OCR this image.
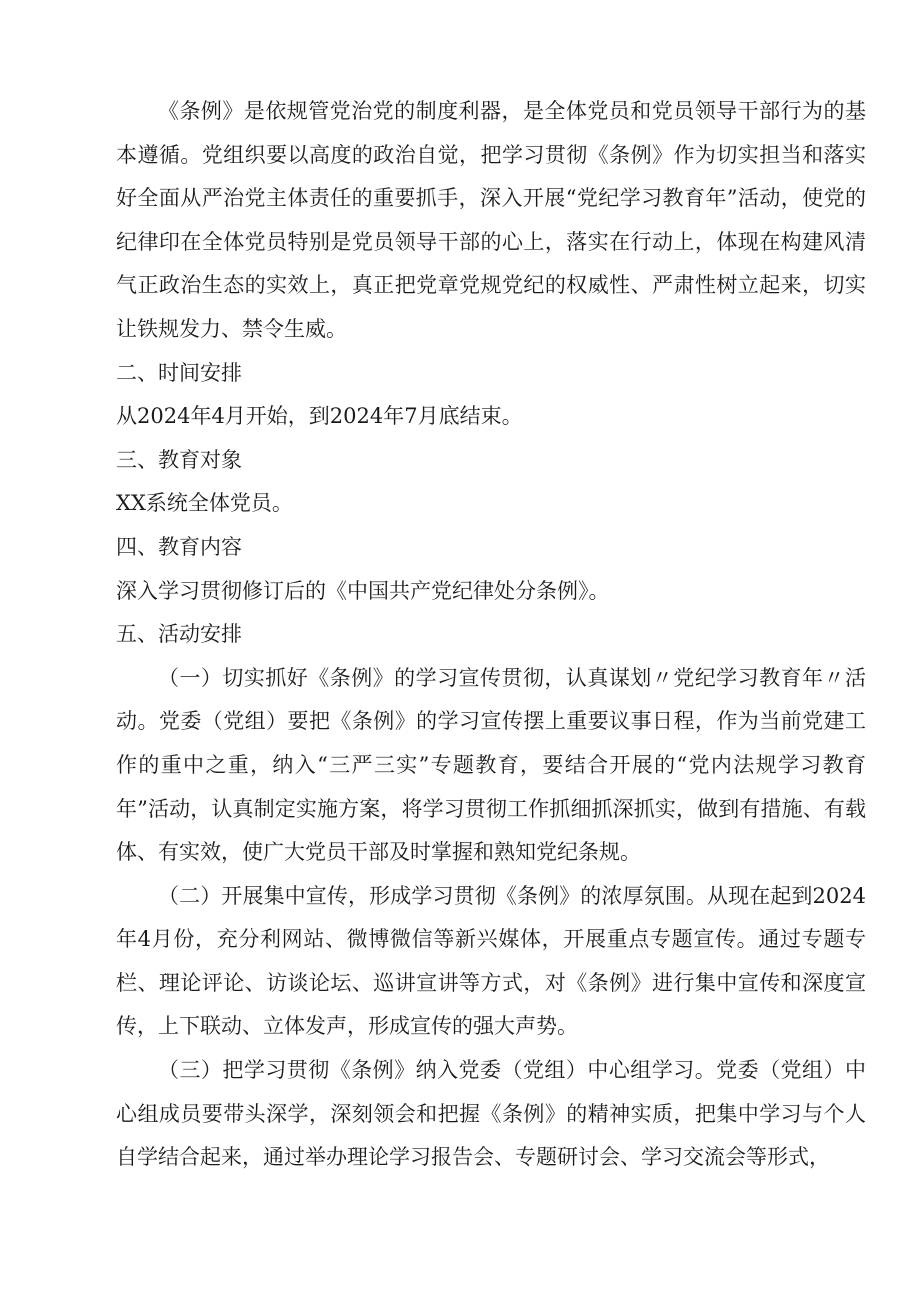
《条例》是依规管党治党的制度利器，是全体党员和党员领导干部行为的基本遵循。党组织要以高度的政治自觉，把学习贯彻《条例》作为切实担当和落实好全面从严治党主体责任的重要抓手，深入开展“党纪学习教育年”活动，使党的纪律印在全体党员特别是党员领导干部的心上，落实在行动上，体现在构建风清气正政治生态的实效上，真正把党章党规党纪的权威性、严肃性树立起来，切实让铁规发力、禁令生威。

二、时间安排

从2024年4月开始，到2024年7月底结束。

三、教育对象

XX系统全体党员。

四、教育内容

深入学习贯彻修订后的《中国共产党纪律处分条例》。

五、活动安排

（一）切实抓好《条例》的学习宣传贯彻，认真谋划〃党纪学习教育年〃活动。党委（党组）要把《条例》的学习宣传摆上重要议事日程，作为当前党建工作的重中之重，纳入“三严三实”专题教育，要结合开展的“党内法规学习教育年”活动，认真制定实施方案，将学习贯彻工作抓细抓深抓实，做到有措施、有载体、有实效，使广大党员干部及时掌握和熟知党纪条规。

（二）开展集中宣传，形成学习贯彻《条例》的浓厚氛围。从现在起到2024年4月份，充分利网站、微博微信等新兴媒体，开展重点专题宣传。通过专题专栏、理论评论、访谈论坛、巡讲宣讲等方式，对《条例》进行集中宣传和深度宣传，上下联动、立体发声，形成宣传的强大声势。

（三）把学习贯彻《条例》纳入党委（党组）中心组学习。党委（党组）中心组成员要带头深学，深刻领会和把握《条例》的精神实质，把集中学习与个人自学结合起来，通过举办理论学习报告会、专题研讨会、学习交流会等形式，
